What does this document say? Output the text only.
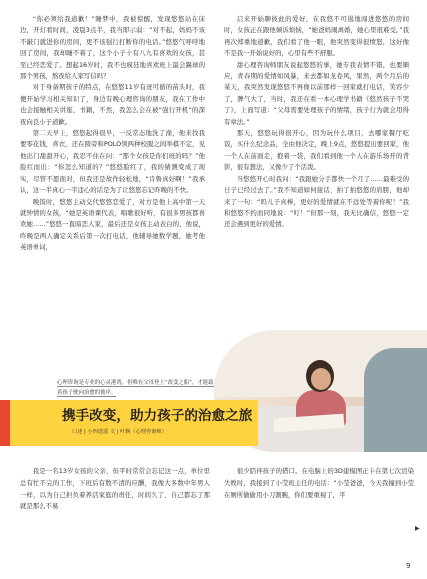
“你必须给我道歉！”睡梦中，我被惊醒，发现悠悠站在床边，开灯看时间，凌晨3点半，我当即示弱：“对不起，妈妈不该不敲门就进你的房间，更不该强行打断你的电话。”悠悠气呼呼地回了房间，我却睡不着了，这个小子十有八九有喜欢的女孩，甚至已经恋爱了。想起16岁时，我不也疯狂地喜欢班上最会踢球的那个男孩，熬夜给人家写信吗？

对于身备期孩子的特点，在悠悠11岁有迹可循的苗头时，我便开始学习相关知识了，身边有晚心理咨询的朋友，我在工作中也会接触相关讲座、书籍，不然，我怎么会在被“强行开机”的深夜向良小子道歉。

第二天早上，悠悠起得很早，一反常态地洗了澡，他来找我要零花钱，喜衣，还在圆旁和POLO领两种校服之间举棋不定，见他出门甜甜开心，我忍不住在问：“那个女孩是你们班的吗？”他脸红而出：“你怎么知道的？”悠悠脸红了，我的猜测变成了现实，尽管不愿面对，但我还是故作轻松地，“肯鲁真好啊！”我承认，这一半真心一半违心的话是为了让悠悠忘记昨晚的不快。

晚饭时，悠悠主动交代悠悠恋爱了，对方是他上高中第一天就钟情的女孩，“她是英语课代表，唱歌很好听，有很多男孩都喜欢她……”悠悠一直暗恋人家，最后还是女孩主动表白的，他说，昨晚是两人确定关系后第一次打电话，他辅导她数学题，她考他英语单词，

启来开始聊彼此的爱好，在我悠不可遏地闯进悠悠的房间时，女孩正在跟他倾诉烦恼，“她爸妈闹离婚，她心里很难受。”我再次郑重地道歉，我们看了他一眼，他突然变得很愤怒，这好像不是我一开始说好的，心里有些不舒服。

甜心理咨询师朋友说起悠悠的事，她专我表情不错，也要顺应，青春期的爱情如风暴，来去都如龙卷风，果然，两个月后的某天，我突然发现悠悠不再像以前那样一回家就打电话，笑容少了，脾气大了，当时，我还在看一本心理学书籍《悠然孩子不哭了》，上面写道：“父母需要处理孩子的情绪，孩子行为就会用得有章法。”

那天，悠悠玩得很开心，因为玩什么项目，去哪家餐厅吃饭，买什么纪念品，全由他决定，晚上9点，悠悠提出要回家，他一个人在前面走，抱着一袋，我们看到他一个人在游乐场开的背影，很有想法，又像少了个活泼。

当悠悠开心时我问：“我跟她分手都快一个月了……最难受的日子已经过去了。”我不知道如何接话，拍了拍悠悠的肩膀，他却来了一句：“吗儿子真棒，更好的爱情就在不远处等着你呢！”我和悠悠不约而同地说：“叮！”但那一刻，我无比确信，悠悠一定还会遇到更好的爱情。

心理咨询是专业的心灵港湾，但唯有父母登上“改变之船”，才能载着孩子驶向治愈的彼岸。
携手改变，助力孩子的治愈之旅
口述 | 小四逍遥 文 | 叶婉（心理咨询师）

我是一名13岁女孩的父亲，但平时常常会忘记这一点，单位里总有忙不完的工作，下班后有数不清的应酬，我像大多数中年男人一样，以为自己担负着养活家庭的责任，时间久了，自己都忘了那就是那么不易

很少陪伴孩子的借口。在电脑上的3D建模图正卡在第七次渲染失败时，我接到了小莹班主任的电话：“小莹爸爸，今天我撞到小莹在厕所偷偷用小刀割腕，你们要重视了，平

▶
9
